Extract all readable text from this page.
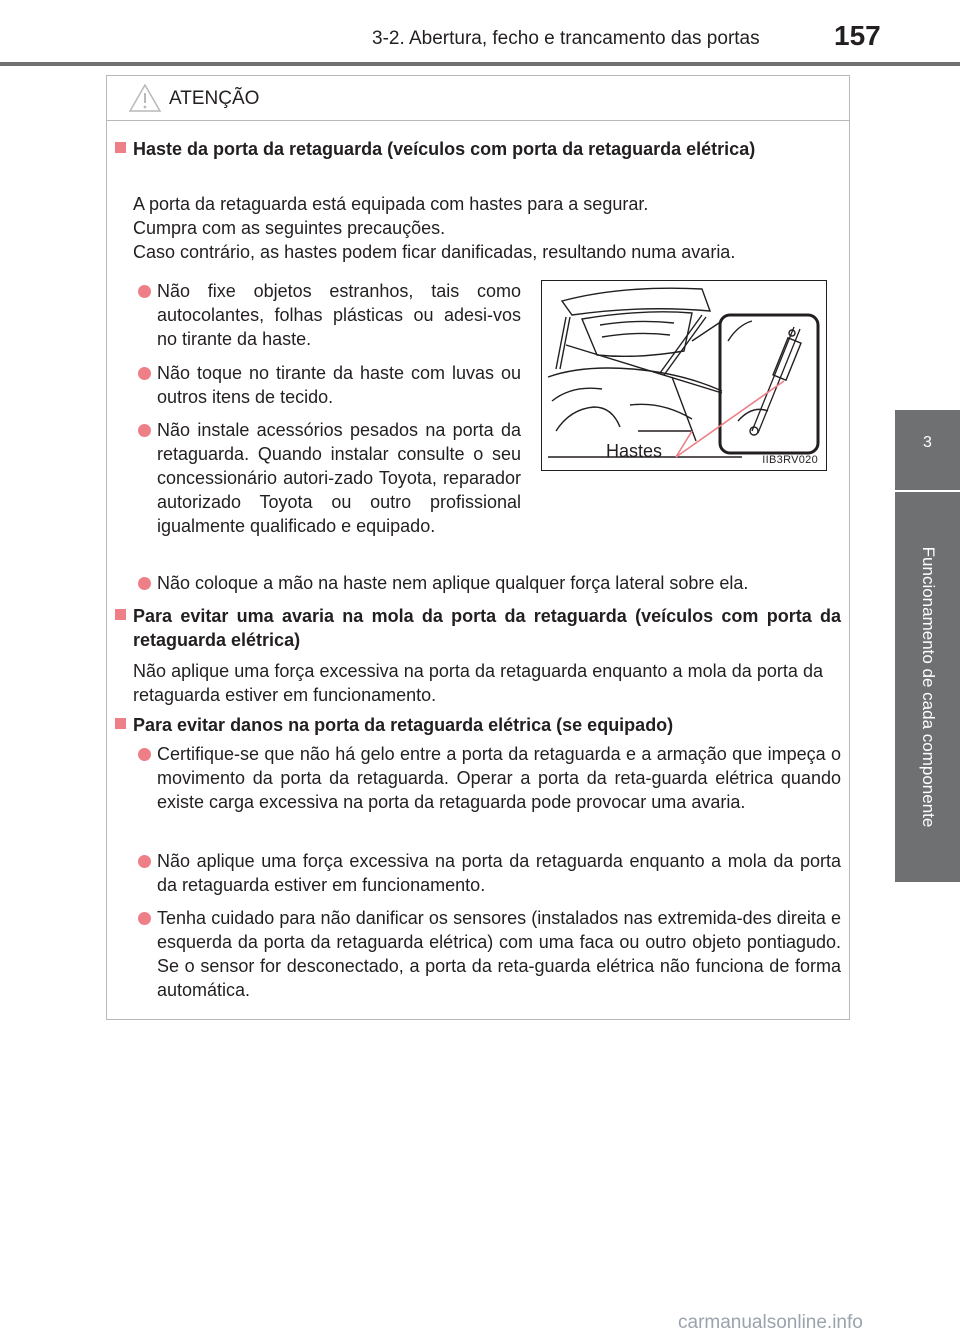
3-2. Abertura, fecho e trancamento das portas	157
3
Funcionamento de cada componente
ATENÇÃO

Haste da porta da retaguarda (veículos com porta da retaguarda elétrica)

A porta da retaguarda está equipada com hastes para a segurar.

Cumpra com as seguintes precauções.

Caso contrário, as hastes podem ficar danificadas, resultando numa avaria.

Não fixe objetos estranhos, tais como autocolantes, folhas plásticas ou adesi-vos no tirante da haste.

Não toque no tirante da haste com luvas ou outros itens de tecido.

Não instale acessórios pesados na porta da retaguarda. Quando instalar consulte o seu concessionário autori-zado Toyota, reparador autorizado Toyota ou outro profissional igualmente qualificado e equipado.

Não coloque a mão na haste nem aplique qualquer força lateral sobre ela.

Para evitar uma avaria na mola da porta da retaguarda (veículos com porta da retaguarda elétrica)

Não aplique uma força excessiva na porta da retaguarda enquanto a mola da porta da retaguarda estiver em funcionamento.

Para evitar danos na porta da retaguarda elétrica (se equipado)

Certifique-se que não há gelo entre a porta da retaguarda e a armação que impeça o movimento da porta da retaguarda. Operar a porta da reta-guarda elétrica quando existe carga excessiva na porta da retaguarda pode provocar uma avaria.

Não aplique uma força excessiva na porta da retaguarda enquanto a mola da porta da retaguarda estiver em funcionamento.

Tenha cuidado para não danificar os sensores (instalados nas extremida-des direita e esquerda da porta da retaguarda elétrica) com uma faca ou outro objeto pontiagudo. Se o sensor for desconectado, a porta da reta-guarda elétrica não funciona de forma automática.

Hastes	IIB3RV020
carmanualsonline.info
